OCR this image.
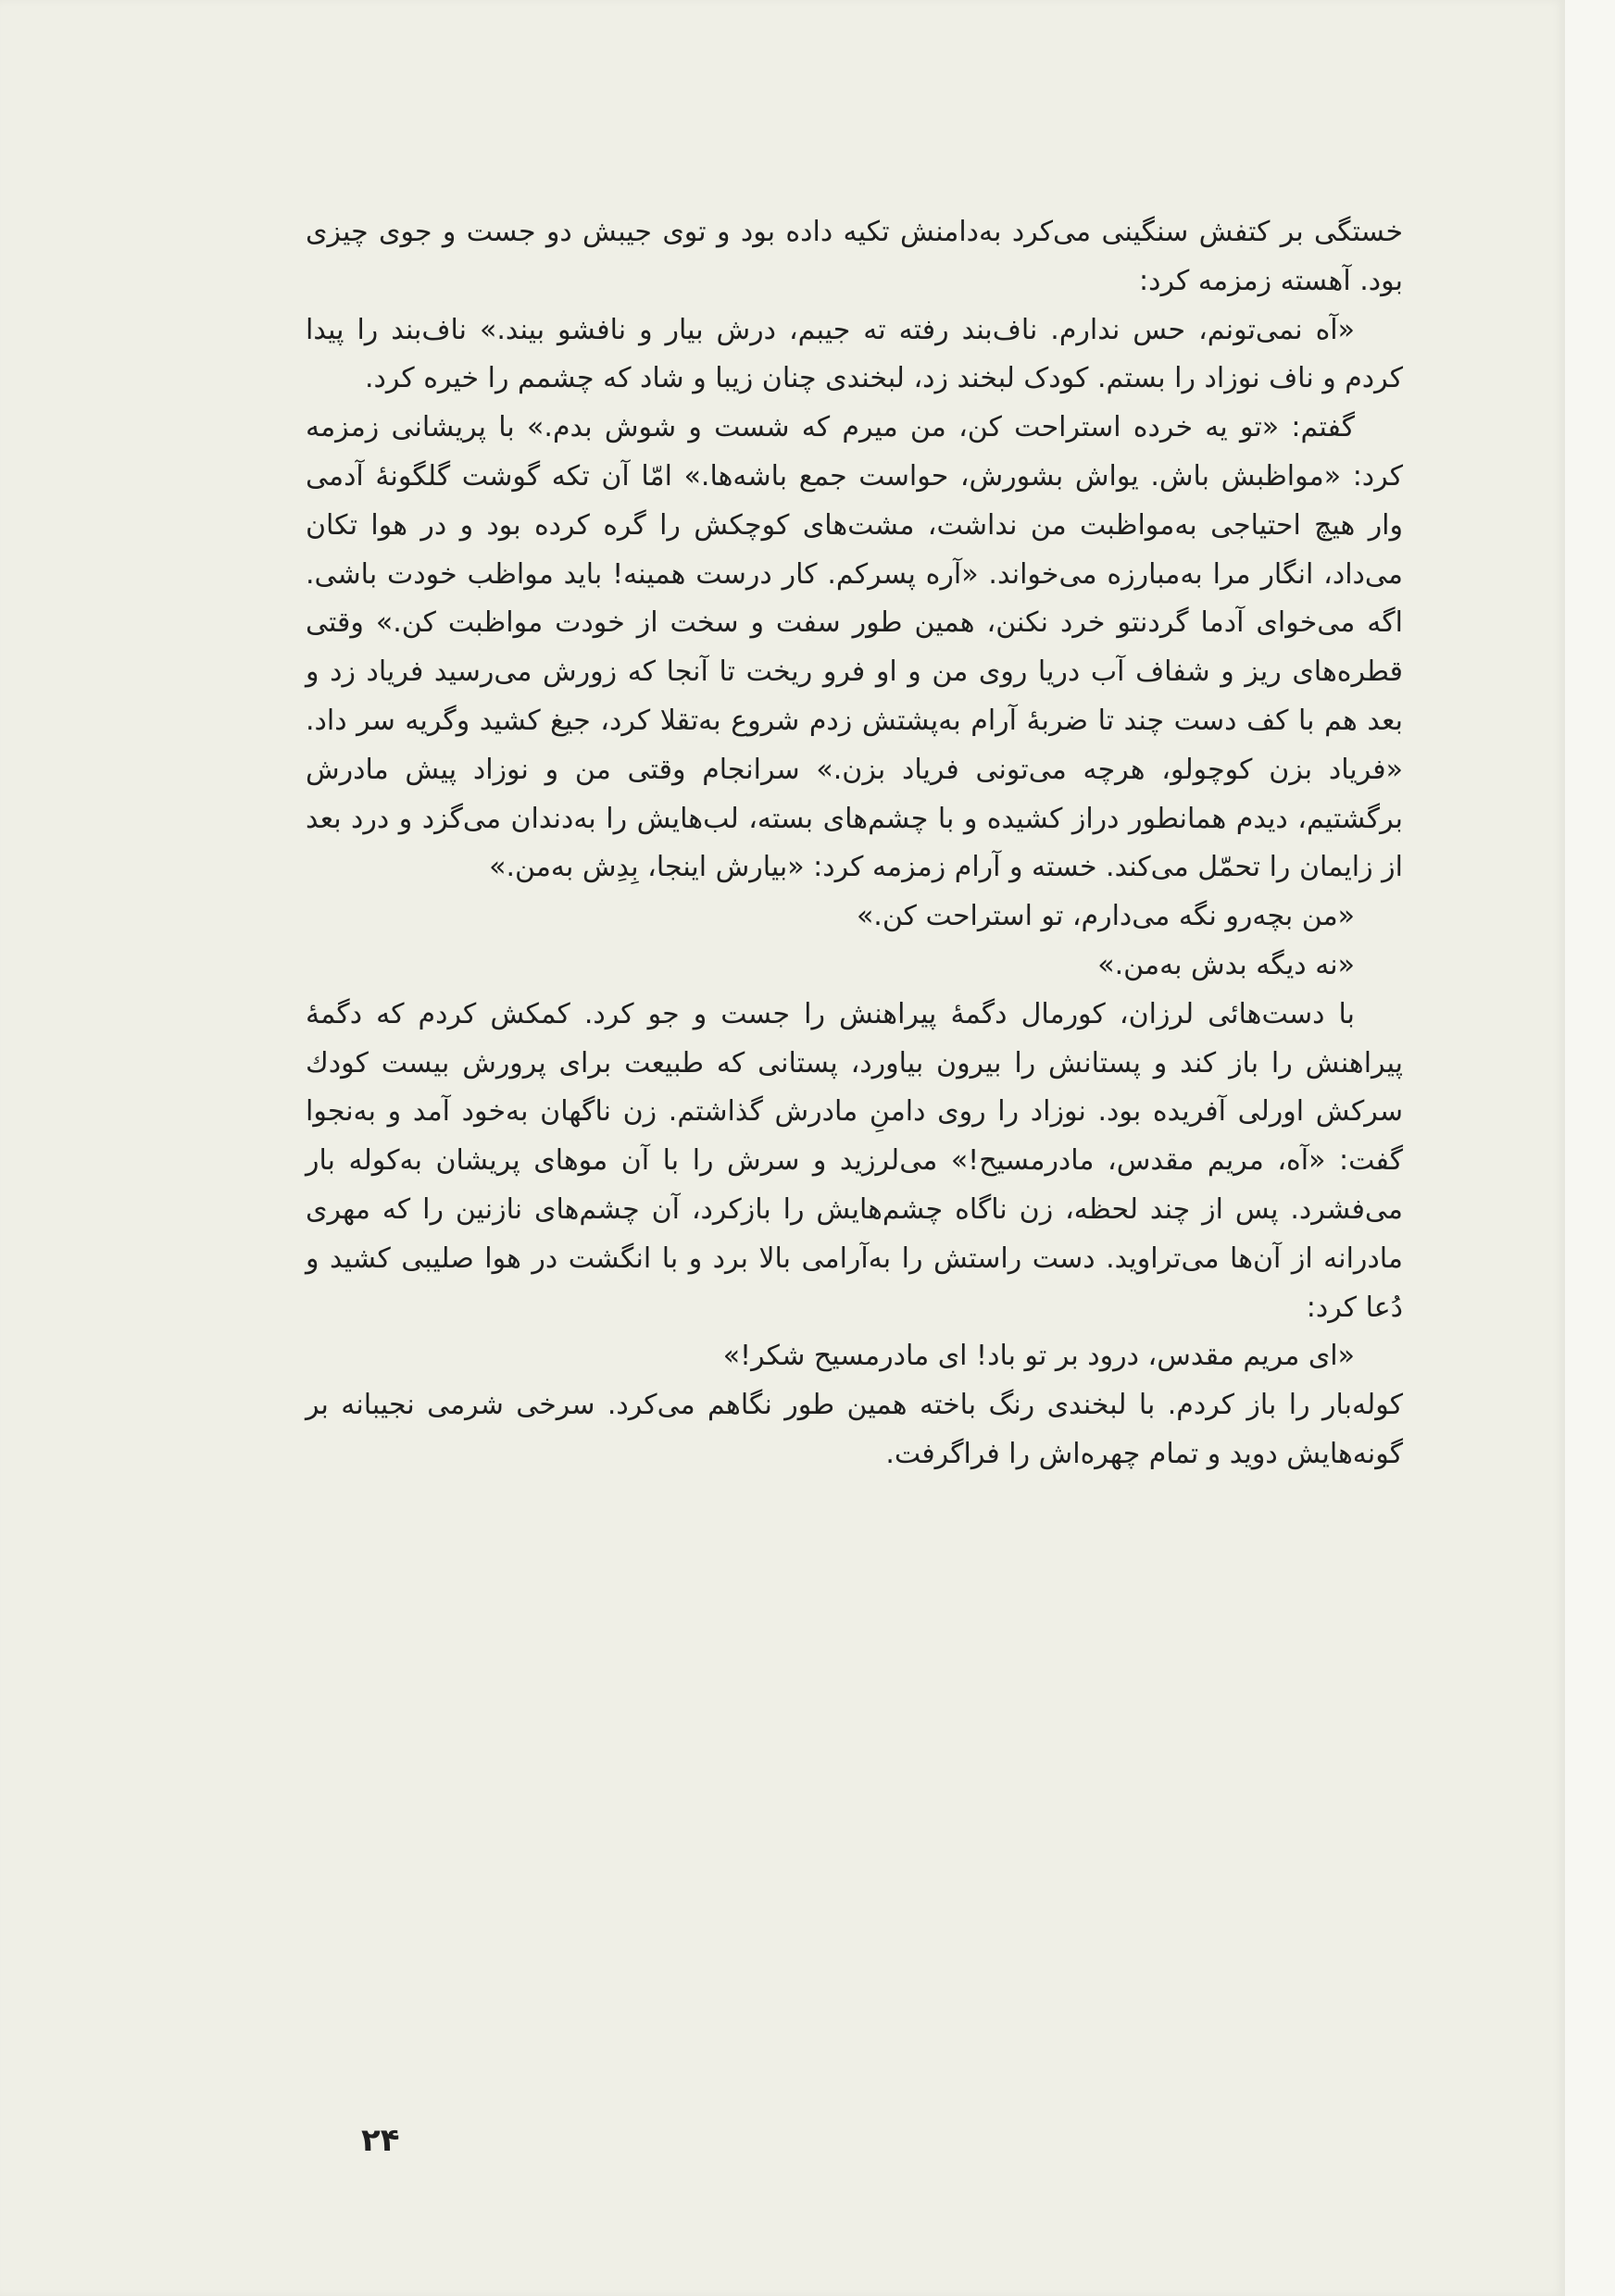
خستگی بر کتفش سنگینی می‌کرد به‌دامنش تکیه داده بود و توی جیبش دو جست و جوی چیزی بود. آهسته زمزمه کرد:

«آه نمی‌تونم، حس ندارم. ناف‌بند رفته ته جیبم، درش بیار و نافشو بیند.» ناف‌بند را پیدا کردم و ناف نوزاد را بستم. کودک لبخند زد، لبخندی چنان زیبا و شاد که چشمم را خیره کرد.

گفتم: «تو یه خرده استراحت کن، من میرم که شست و شوش بدم.» با پریشانی زمزمه کرد: «مواظبش باش. یواش بشورش، حواست جمع باشه‌ها.» امّا آن تکه گوشت گلگونهٔ آدمی وار هیچ احتیاجی به‌مواظبت من نداشت، مشت‌های کوچکش را گره کرده بود و در هوا تکان می‌داد، انگار مرا به‌مبارزه می‌خواند. «آره پسرکم. کار درست همینه! باید مواظب خودت باشی. اگه می‌خوای آدما گردنتو خرد نکنن، همین طور سفت و سخت از خودت مواظبت کن.» وقتی قطره‌های ریز و شفاف آب دریا روی من و او فرو ریخت تا آنجا که زورش می‌رسید فریاد زد و بعد هم با کف دست چند تا ضربهٔ آرام به‌پشتش زدم شروع به‌تقلا کرد، جیغ کشید وگریه سر داد. «فریاد بزن کوچولو، هرچه می‌تونی فریاد بزن.» سرانجام وقتی من و نوزاد پیش مادرش برگشتیم، دیدم همانطور دراز کشیده و با چشم‌های بسته، لب‌هایش را به‌دندان می‌گزد و درد بعد از زایمان را تحمّل می‌کند. خسته و آرام زمزمه کرد: «بیارش اینجا، بِدِش به‌من.»

«من بچه‌رو نگه می‌دارم، تو استراحت کن.»

«نه دیگه بدش به‌من.»

با دست‌هائی لرزان، کورمال دگمهٔ پیراهنش را جست و جو کرد. کمکش کردم که دگمهٔ پیراهنش را باز کند و پستانش را بیرون بیاورد، پستانی که طبیعت برای پرورش بیست کودك سرکش اورلی آفریده بود. نوزاد را روی دامنِ مادرش گذاشتم. زن ناگهان به‌خود آمد و به‌نجوا گفت: «آه، مریم مقدس، مادرمسیح!» می‌لرزید و سرش را با آن موهای پریشان به‌کوله بار می‌فشرد. پس از چند لحظه، زن ناگاه چشم‌هایش را بازکرد، آن چشم‌های نازنین را که مهری مادرانه از آن‌ها می‌تراوید. دست راستش را به‌آرامی بالا برد و با انگشت در هوا صلیبی کشید و دُعا کرد:

«ای مریم مقدس، درود بر تو باد! ای مادرمسیح شکر!»

کوله‌بار را باز کردم. با لبخندی رنگ باخته همین طور نگاهم می‌کرد. سرخی شرمی نجیبانه بر گونه‌هایش دوید و تمام چهره‌اش را فراگرفت.

۲۴
